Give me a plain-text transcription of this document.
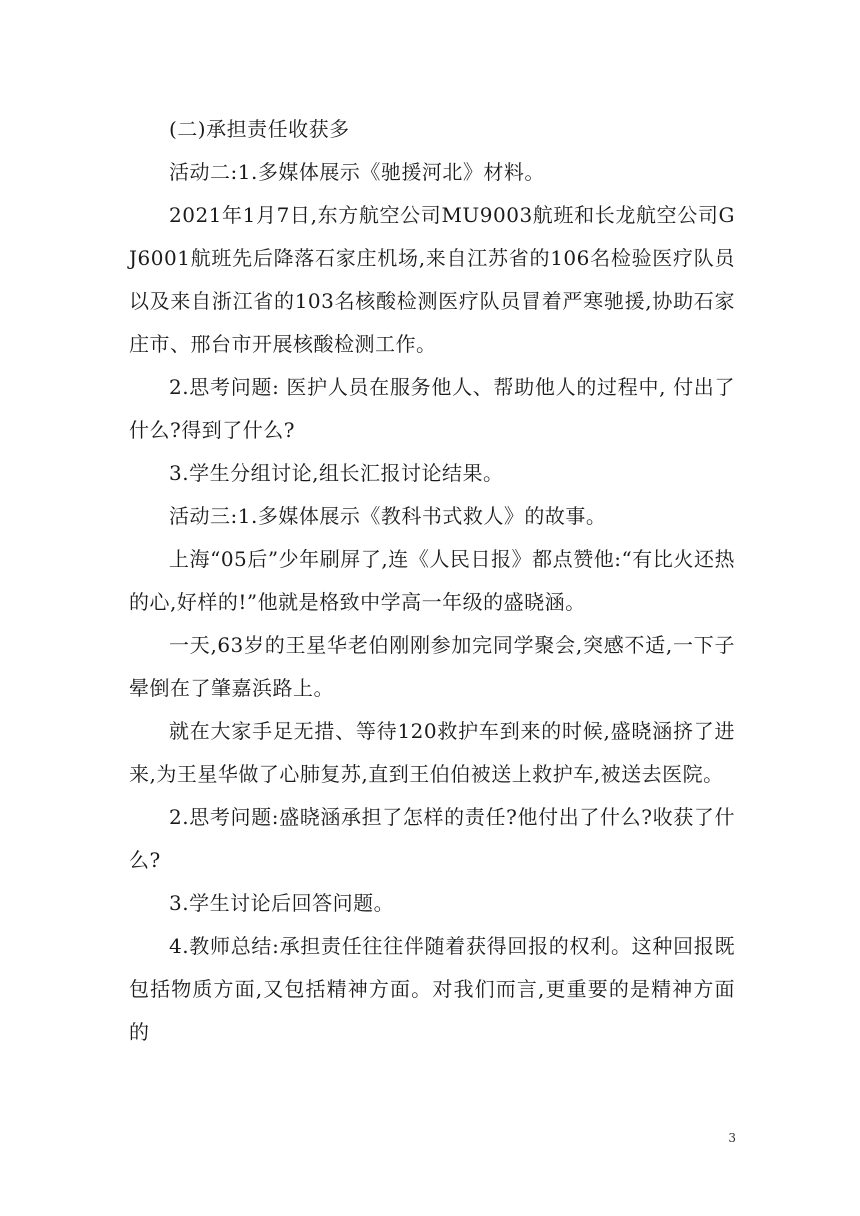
(二)承担责任收获多

活动二:1.多媒体展示《驰援河北》材料。

2021年1月7日,东方航空公司MU9003航班和长龙航空公司GJ6001航班先后降落石家庄机场,来自江苏省的106名检验医疗队员以及来自浙江省的103名核酸检测医疗队员冒着严寒驰援,协助石家庄市、邢台市开展核酸检测工作。

2.思考问题: 医护人员在服务他人、帮助他人的过程中, 付出了什么?得到了什么?

3.学生分组讨论,组长汇报讨论结果。

活动三:1.多媒体展示《教科书式救人》的故事。

上海“05后”少年刷屏了,连《人民日报》都点赞他:“有比火还热的心,好样的!”他就是格致中学高一年级的盛晓涵。

一天,63岁的王星华老伯刚刚参加完同学聚会,突感不适,一下子晕倒在了肇嘉浜路上。

就在大家手足无措、等待120救护车到来的时候,盛晓涵挤了进来,为王星华做了心肺复苏,直到王伯伯被送上救护车,被送去医院。

2.思考问题:盛晓涵承担了怎样的责任?他付出了什么?收获了什么?

3.学生讨论后回答问题。

4.教师总结:承担责任往往伴随着获得回报的权利。这种回报既包括物质方面,又包括精神方面。对我们而言,更重要的是精神方面的

3
